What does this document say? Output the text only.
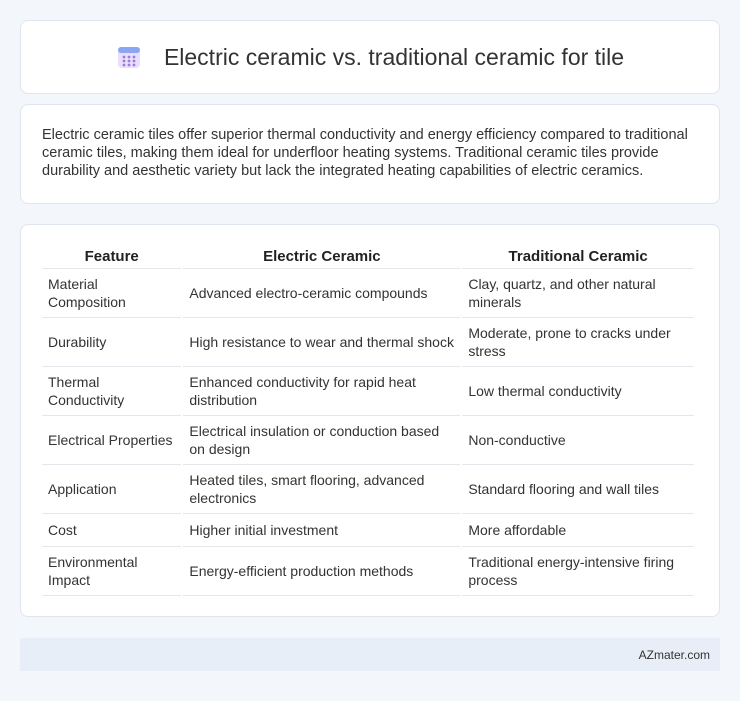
Electric ceramic vs. traditional ceramic for tile

Electric ceramic tiles offer superior thermal conductivity and energy efficiency compared to traditional ceramic tiles, making them ideal for underfloor heating systems. Traditional ceramic tiles provide durability and aesthetic variety but lack the integrated heating capabilities of electric ceramics.

Feature	Electric Ceramic	Traditional Ceramic
Material Composition	Advanced electro-ceramic compounds	Clay, quartz, and other natural minerals
Durability	High resistance to wear and thermal shock	Moderate, prone to cracks under stress
Thermal Conductivity	Enhanced conductivity for rapid heat distribution	Low thermal conductivity
Electrical Properties	Electrical insulation or conduction based on design	Non-conductive
Application	Heated tiles, smart flooring, advanced electronics	Standard flooring and wall tiles
Cost	Higher initial investment	More affordable
Environmental Impact	Energy-efficient production methods	Traditional energy-intensive firing process
AZmater.com
